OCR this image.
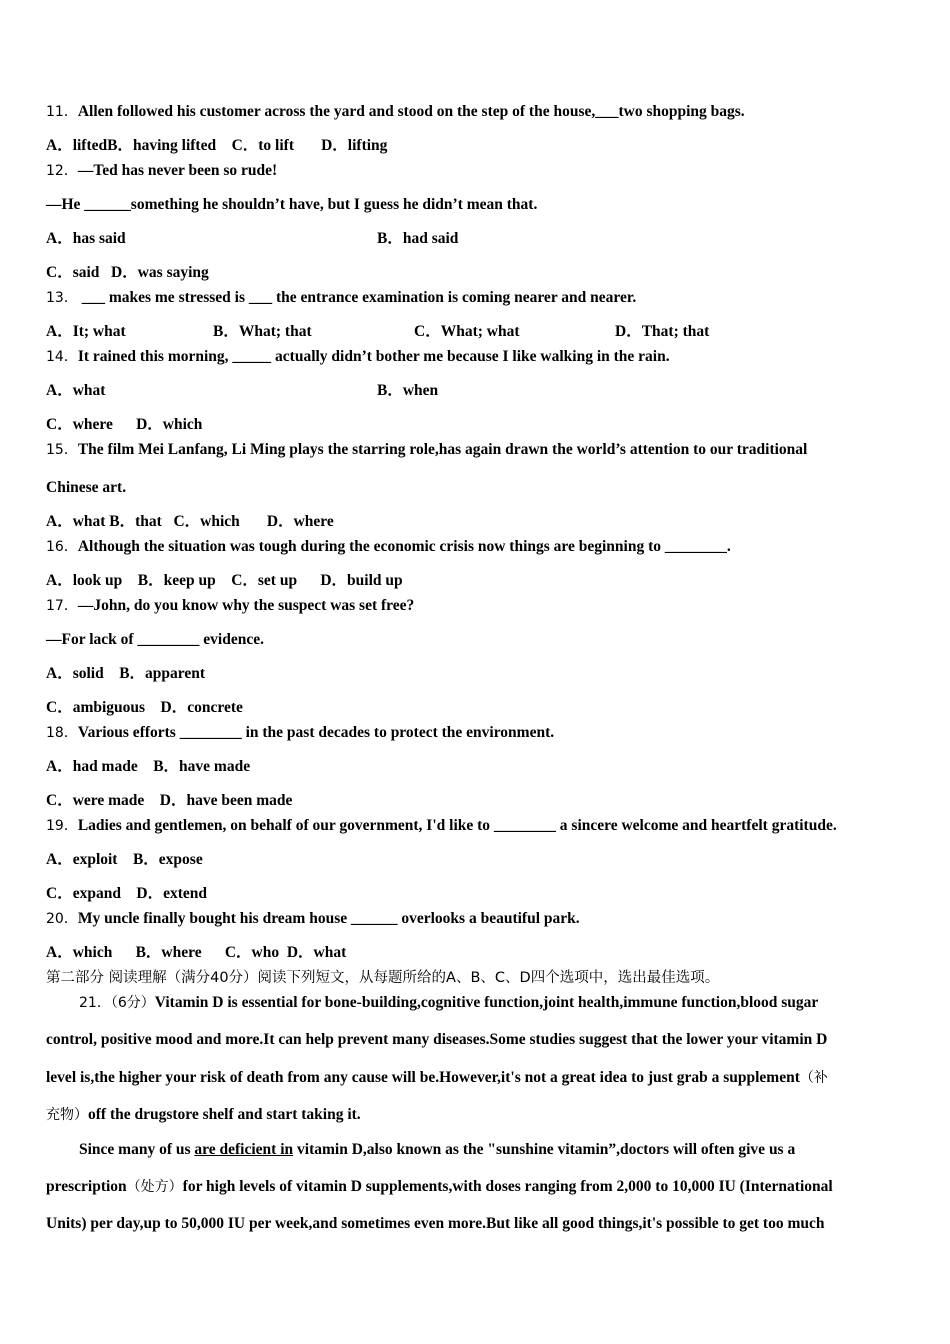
11．Allen followed his customer across the yard and stood on the step of the house,___two shopping bags.
A．liftedB．having lifted    C．to lift       D．lifting
12．—Ted has never been so rude!
—He ______something he shouldn’t have, but I guess he didn’t mean that.
A．has said	B．had said
C．said   D．was saying
13． ___ makes me stressed is ___ the entrance examination is coming nearer and nearer.
A．It; what	B．What; that	C．What; what	D．That; that
14．It rained this morning, _____ actually didn’t bother me because I like walking in the rain.
A．what	B．when
C．where      D．which
15．The film Mei Lanfang, Li Ming plays the starring role,has again drawn the world’s attention to our traditional
Chinese art.
A．what B．that   C．which       D．where
16．Although the situation was tough during the economic crisis now things are beginning to ________.
A．look up    B．keep up    C．set up      D．build up
17．—John, do you know why the suspect was set free?
—For lack of ________ evidence.
A．solid    B．apparent
C．ambiguous    D．concrete
18．Various efforts ________ in the past decades to protect the environment.
A．had made    B．have made
C．were made    D．have been made
19．Ladies and gentlemen, on behalf of our government, I'd like to ________ a sincere welcome and heartfelt gratitude.
A．exploit    B．expose
C．expand    D．extend
20．My uncle finally bought his dream house ______ overlooks a beautiful park.
A．which      B．where      C．who  D．what
第二部分 阅读理解（满分40分）阅读下列短文，从每题所给的A、B、C、D四个选项中，选出最佳选项。
21．（6分）Vitamin D is essential for bone-building,cognitive function,joint health,immune function,blood sugar
control, positive mood and more.It can help prevent many diseases.Some studies suggest that the lower your vitamin D
level is,the higher your risk of death from any cause will be.However,it's not a great idea to just grab a supplement（补
充物）off the drugstore shelf and start taking it.
Since many of us are deficient in vitamin D,also known as the "sunshine vitamin”,doctors will often give us a
prescription（处方）for high levels of vitamin D supplements,with doses ranging from 2,000 to 10,000 IU (International
Units) per day,up to 50,000 IU per week,and sometimes even more.But like all good things,it's possible to get too much
